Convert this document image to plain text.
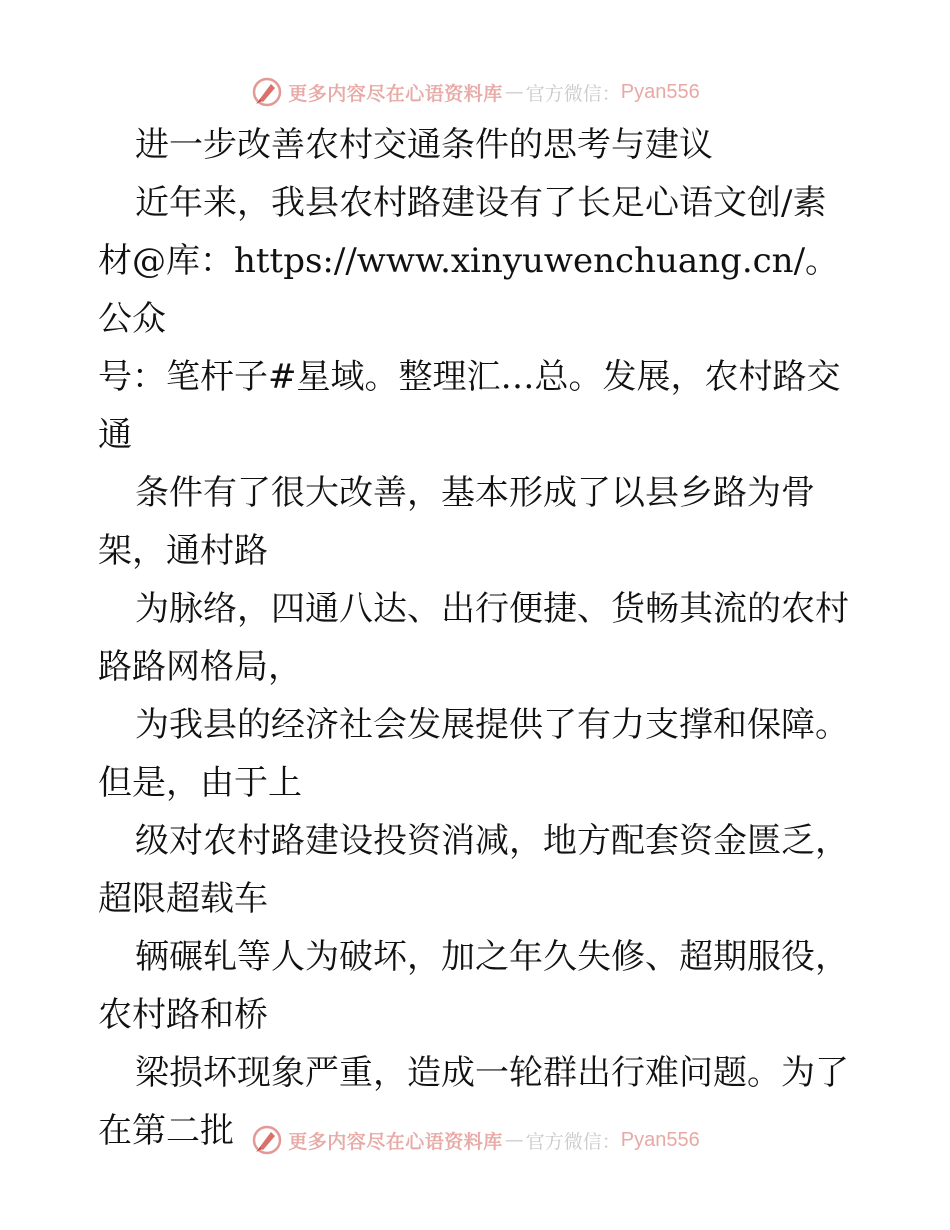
更多内容尽在心语资料库 — 官方微信： Pyan556

进一步改善农村交通条件的思考与建议

近年来，我县农村路建设有了长足心语文创/素

材@库：https://www.xinyuwenchuang.cn/。公众

号：笔杆子#星域。整理汇…总。发展，农村路交

通

条件有了很大改善，基本形成了以县乡路为骨

架，通村路

为脉络，四通八达、出行便捷、货畅其流的农村

路路网格局，

为我县的经济社会发展提供了有力支撑和保障。

但是，由于上

级对农村路建设投资消减，地方配套资金匮乏，

超限超载车

辆碾轧等人为破坏，加之年久失修、超期服役，

农村路和桥

梁损坏现象严重，造成一轮群出行难问题。为了

在第二批	更多内容尽在心语资料库 — 官方微信： Pyan556
